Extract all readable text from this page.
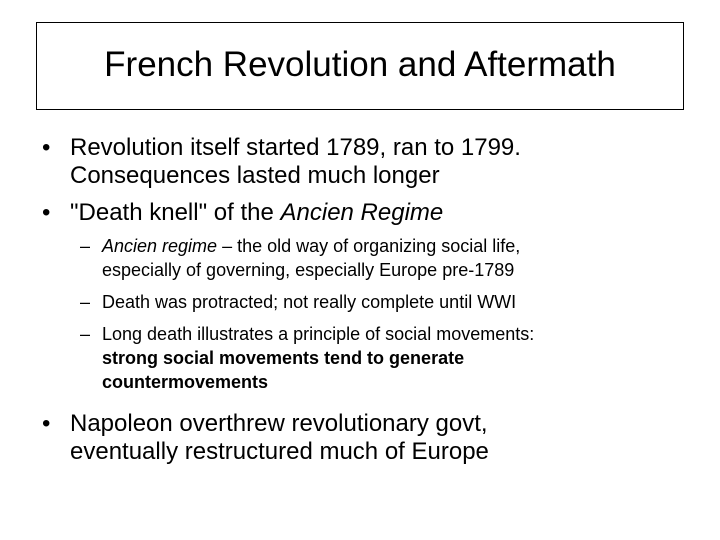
French Revolution and Aftermath
• Revolution itself started 1789, ran to 1799.
Consequences lasted much longer
• "Death knell" of the Ancien Regime
– Ancien regime – the old way of organizing social life,
especially of governing, especially Europe pre-1789
– Death was protracted; not really complete until WWI
– Long death illustrates a principle of social movements:
strong social movements tend to generate
countermovements
• Napoleon overthrew revolutionary govt,
eventually restructured much of Europe
